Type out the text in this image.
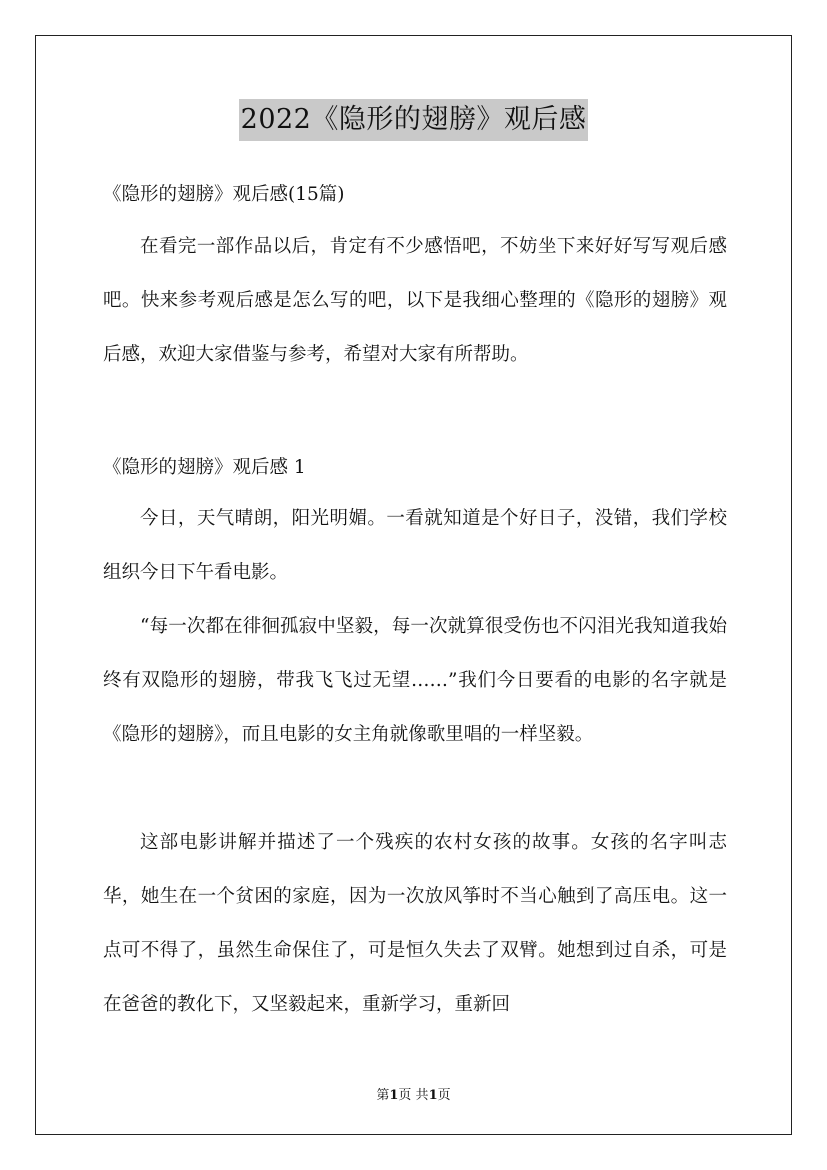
2022《隐形的翅膀》观后感
《隐形的翅膀》观后感(15篇)
在看完一部作品以后，肯定有不少感悟吧，不妨坐下来好好写写观后感吧。快来参考观后感是怎么写的吧，以下是我细心整理的《隐形的翅膀》观后感，欢迎大家借鉴与参考，希望对大家有所帮助。
《隐形的翅膀》观后感 1
今日，天气晴朗，阳光明媚。一看就知道是个好日子，没错，我们学校组织今日下午看电影。
“每一次都在徘徊孤寂中坚毅，每一次就算很受伤也不闪泪光我知道我始终有双隐形的翅膀，带我飞飞过无望……”我们今日要看的电影的名字就是《隐形的翅膀》，而且电影的女主角就像歌里唱的一样坚毅。
这部电影讲解并描述了一个残疾的农村女孩的故事。女孩的名字叫志华，她生在一个贫困的家庭，因为一次放风筝时不当心触到了高压电。这一点可不得了，虽然生命保住了，可是恒久失去了双臂。她想到过自杀，可是在爸爸的教化下，又坚毅起来，重新学习，重新回
第1页 共1页
